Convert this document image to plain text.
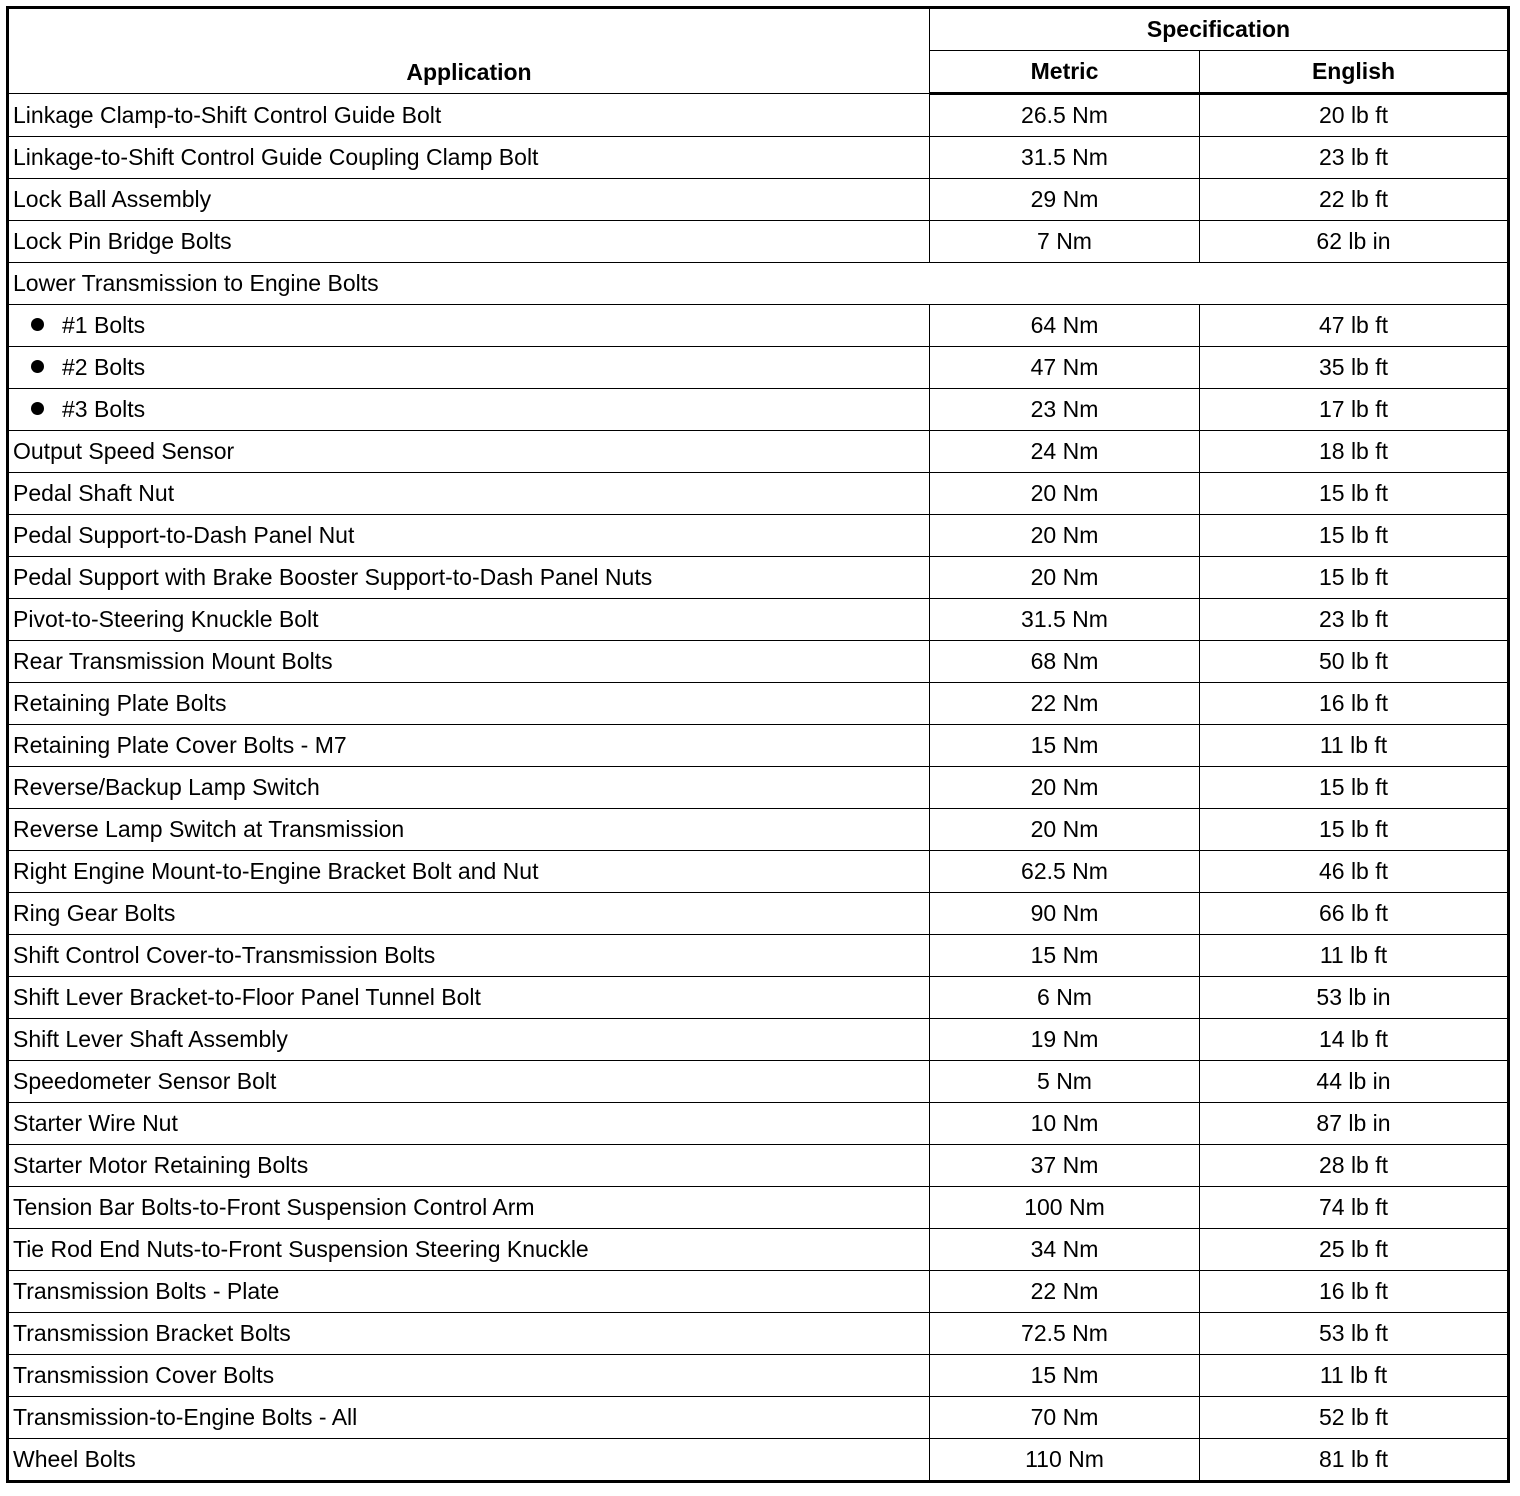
Application	Specification	
	Metric	English
Linkage Clamp-to-Shift Control Guide Bolt	26.5 Nm	20 lb ft
Linkage-to-Shift Control Guide Coupling Clamp Bolt	31.5 Nm	23 lb ft
Lock Ball Assembly	29 Nm	22 lb ft
Lock Pin Bridge Bolts	7 Nm	62 lb in
Lower Transmission to Engine Bolts		
#1 Bolts	64 Nm	47 lb ft
#2 Bolts	47 Nm	35 lb ft
#3 Bolts	23 Nm	17 lb ft
Output Speed Sensor	24 Nm	18 lb ft
Pedal Shaft Nut	20 Nm	15 lb ft
Pedal Support-to-Dash Panel Nut	20 Nm	15 lb ft
Pedal Support with Brake Booster Support-to-Dash Panel Nuts	20 Nm	15 lb ft
Pivot-to-Steering Knuckle Bolt	31.5 Nm	23 lb ft
Rear Transmission Mount Bolts	68 Nm	50 lb ft
Retaining Plate Bolts	22 Nm	16 lb ft
Retaining Plate Cover Bolts - M7	15 Nm	11 lb ft
Reverse/Backup Lamp Switch	20 Nm	15 lb ft
Reverse Lamp Switch at Transmission	20 Nm	15 lb ft
Right Engine Mount-to-Engine Bracket Bolt and Nut	62.5 Nm	46 lb ft
Ring Gear Bolts	90 Nm	66 lb ft
Shift Control Cover-to-Transmission Bolts	15 Nm	11 lb ft
Shift Lever Bracket-to-Floor Panel Tunnel Bolt	6 Nm	53 lb in
Shift Lever Shaft Assembly	19 Nm	14 lb ft
Speedometer Sensor Bolt	5 Nm	44 lb in
Starter Wire Nut	10 Nm	87 lb in
Starter Motor Retaining Bolts	37 Nm	28 lb ft
Tension Bar Bolts-to-Front Suspension Control Arm	100 Nm	74 lb ft
Tie Rod End Nuts-to-Front Suspension Steering Knuckle	34 Nm	25 lb ft
Transmission Bolts - Plate	22 Nm	16 lb ft
Transmission Bracket Bolts	72.5 Nm	53 lb ft
Transmission Cover Bolts	15 Nm	11 lb ft
Transmission-to-Engine Bolts - All	70 Nm	52 lb ft
Wheel Bolts	110 Nm	81 lb ft
